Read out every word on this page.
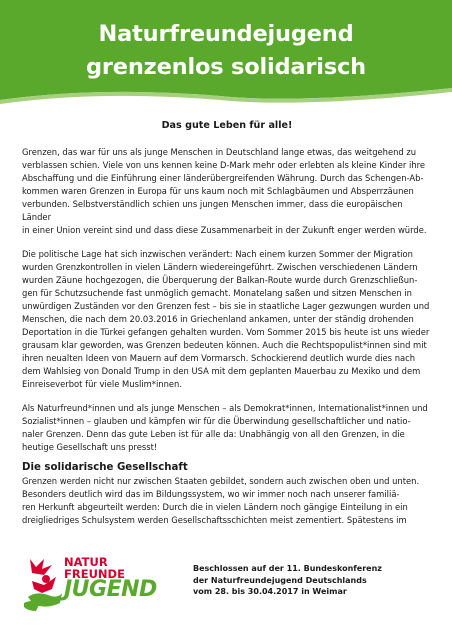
Naturfreundejugend
grenzenlos solidarisch
Das gute Leben für alle!

Grenzen, das war für uns als junge Menschen in Deutschland lange etwas, das weitgehend zu
verblassen schien. Viele von uns kennen keine D-Mark mehr oder erlebten als kleine Kinder ihre
Abschaffung und die Einführung einer länderübergreifenden Währung. Durch das Schengen-Ab-
kommen waren Grenzen in Europa für uns kaum noch mit Schlagbäumen und Absperrzäunen
verbunden. Selbstverständlich schien uns jungen Menschen immer, dass die europäischen Länder
in einer Union vereint sind und dass diese Zusammenarbeit in der Zukunft enger werden würde.

Die politische Lage hat sich inzwischen verändert: Nach einem kurzen Sommer der Migration
wurden Grenzkontrollen in vielen Ländern wiedereingeführt. Zwischen verschiedenen Ländern
wurden Zäune hochgezogen, die Überquerung der Balkan-Route wurde durch Grenzschließun-
gen für Schutzsuchende fast unmöglich gemacht. Monatelang saßen und sitzen Menschen in
unwürdigen Zuständen vor den Grenzen fest – bis sie in staatliche Lager gezwungen wurden und
Menschen, die nach dem 20.03.2016 in Griechenland ankamen, unter der ständig drohenden
Deportation in die Türkei gefangen gehalten wurden. Vom Sommer 2015 bis heute ist uns wieder
grausam klar geworden, was Grenzen bedeuten können. Auch die Rechtspopulist*innen sind mit
ihren neualten Ideen von Mauern auf dem Vormarsch. Schockierend deutlich wurde dies nach
dem Wahlsieg von Donald Trump in den USA mit dem geplanten Mauerbau zu Mexiko und dem
Einreiseverbot für viele Muslim*innen.

Als Naturfreund*innen und als junge Menschen – als Demokrat*innen, Internationalist*innen und
Sozialist*innen – glauben und kämpfen wir für die Überwindung gesellschaftlicher und natio-
naler Grenzen. Denn das gute Leben ist für alle da: Unabhängig von all den Grenzen, in die
heutige Gesellschaft uns presst!

Die solidarische Gesellschaft

Grenzen werden nicht nur zwischen Staaten gebildet, sondern auch zwischen oben und unten.
Besonders deutlich wird das im Bildungssystem, wo wir immer noch nach unserer familiä-
ren Herkunft abgeurteilt werden: Durch die in vielen Ländern noch gängige Einteilung in ein
dreigliedriges Schulsystem werden Gesellschaftsschichten meist zementiert. Spätestens im

NATUR
FREUNDE
JUGEND
Beschlossen auf der 11. Bundeskonferenz
der Naturfreundejugend Deutschlands
vom 28. bis 30.04.2017 in Weimar
